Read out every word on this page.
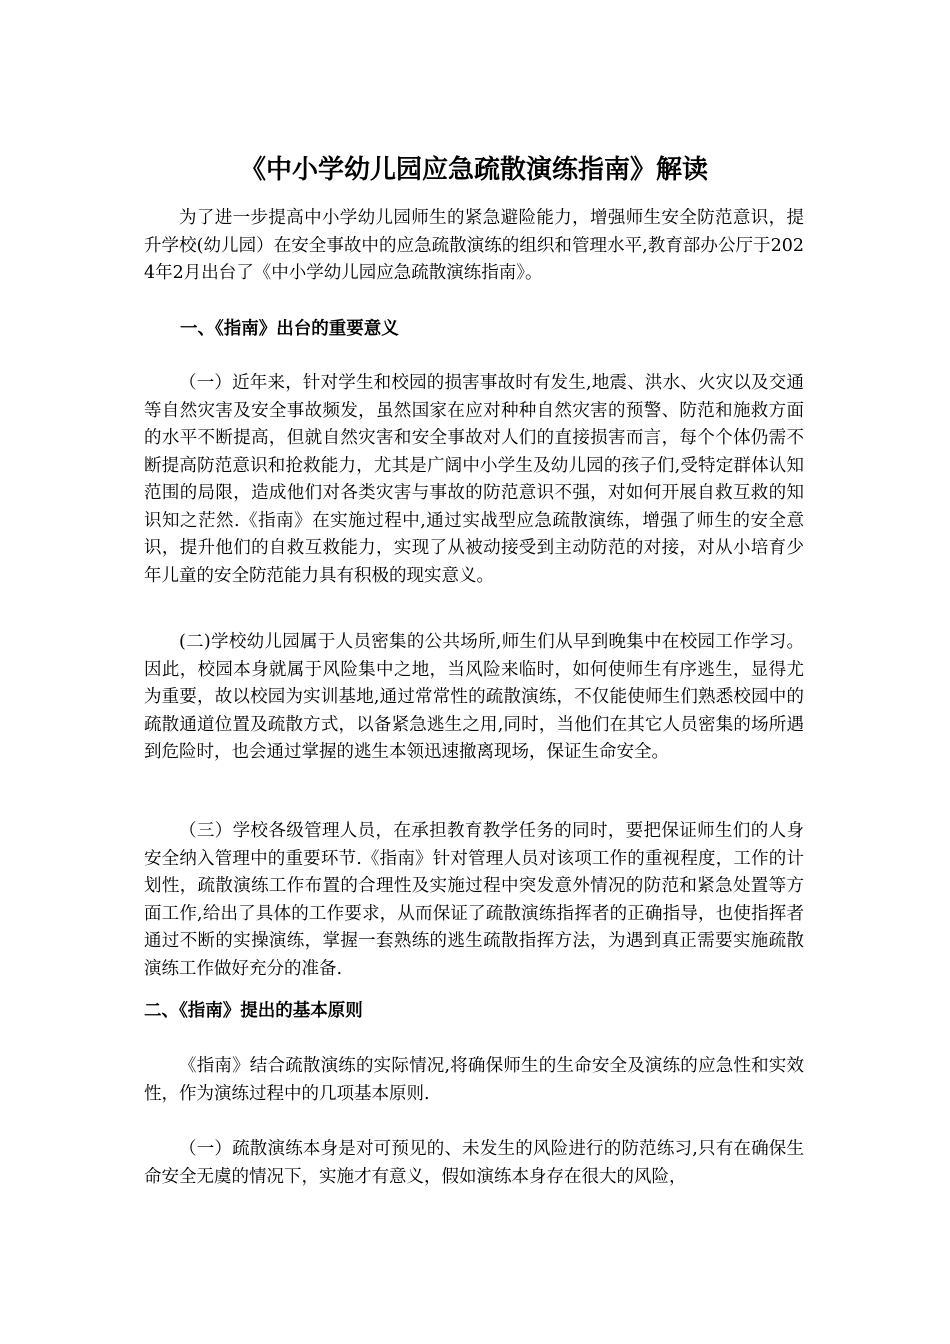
《中小学幼儿园应急疏散演练指南》解读

为了进一步提高中小学幼儿园师生的紧急避险能力，增强师生安全防范意识，提升学校(幼儿园）在安全事故中的应急疏散演练的组织和管理水平,教育部办公厅于2024年2月出台了《中小学幼儿园应急疏散演练指南》。

一、《指南》出台的重要意义

（一）近年来，针对学生和校园的损害事故时有发生,地震、洪水、火灾以及交通等自然灾害及安全事故频发，虽然国家在应对种种自然灾害的预警、防范和施救方面的水平不断提高，但就自然灾害和安全事故对人们的直接损害而言，每个个体仍需不断提高防范意识和抢救能力，尤其是广阔中小学生及幼儿园的孩子们,受特定群体认知范围的局限，造成他们对各类灾害与事故的防范意识不强，对如何开展自救互救的知识知之茫然.《指南》在实施过程中,通过实战型应急疏散演练，增强了师生的安全意识，提升他们的自救互救能力，实现了从被动接受到主动防范的对接，对从小培育少年儿童的安全防范能力具有积极的现实意义。

(二)学校幼儿园属于人员密集的公共场所,师生们从早到晚集中在校园工作学习。因此，校园本身就属于风险集中之地，当风险来临时，如何使师生有序逃生，显得尤为重要，故以校园为实训基地,通过常常性的疏散演练，不仅能使师生们熟悉校园中的疏散通道位置及疏散方式，以备紧急逃生之用,同时，当他们在其它人员密集的场所遇到危险时，也会通过掌握的逃生本领迅速撤离现场，保证生命安全。

（三）学校各级管理人员，在承担教育教学任务的同时，要把保证师生们的人身安全纳入管理中的重要环节.《指南》针对管理人员对该项工作的重视程度，工作的计划性，疏散演练工作布置的合理性及实施过程中突发意外情况的防范和紧急处置等方面工作,给出了具体的工作要求，从而保证了疏散演练指挥者的正确指导，也使指挥者通过不断的实操演练，掌握一套熟练的逃生疏散指挥方法，为遇到真正需要实施疏散演练工作做好充分的准备.

二、《指南》提出的基本原则

《指南》结合疏散演练的实际情况,将确保师生的生命安全及演练的应急性和实效性，作为演练过程中的几项基本原则.

（一）疏散演练本身是对可预见的、未发生的风险进行的防范练习,只有在确保生命安全无虞的情况下，实施才有意义，假如演练本身存在很大的风险，
